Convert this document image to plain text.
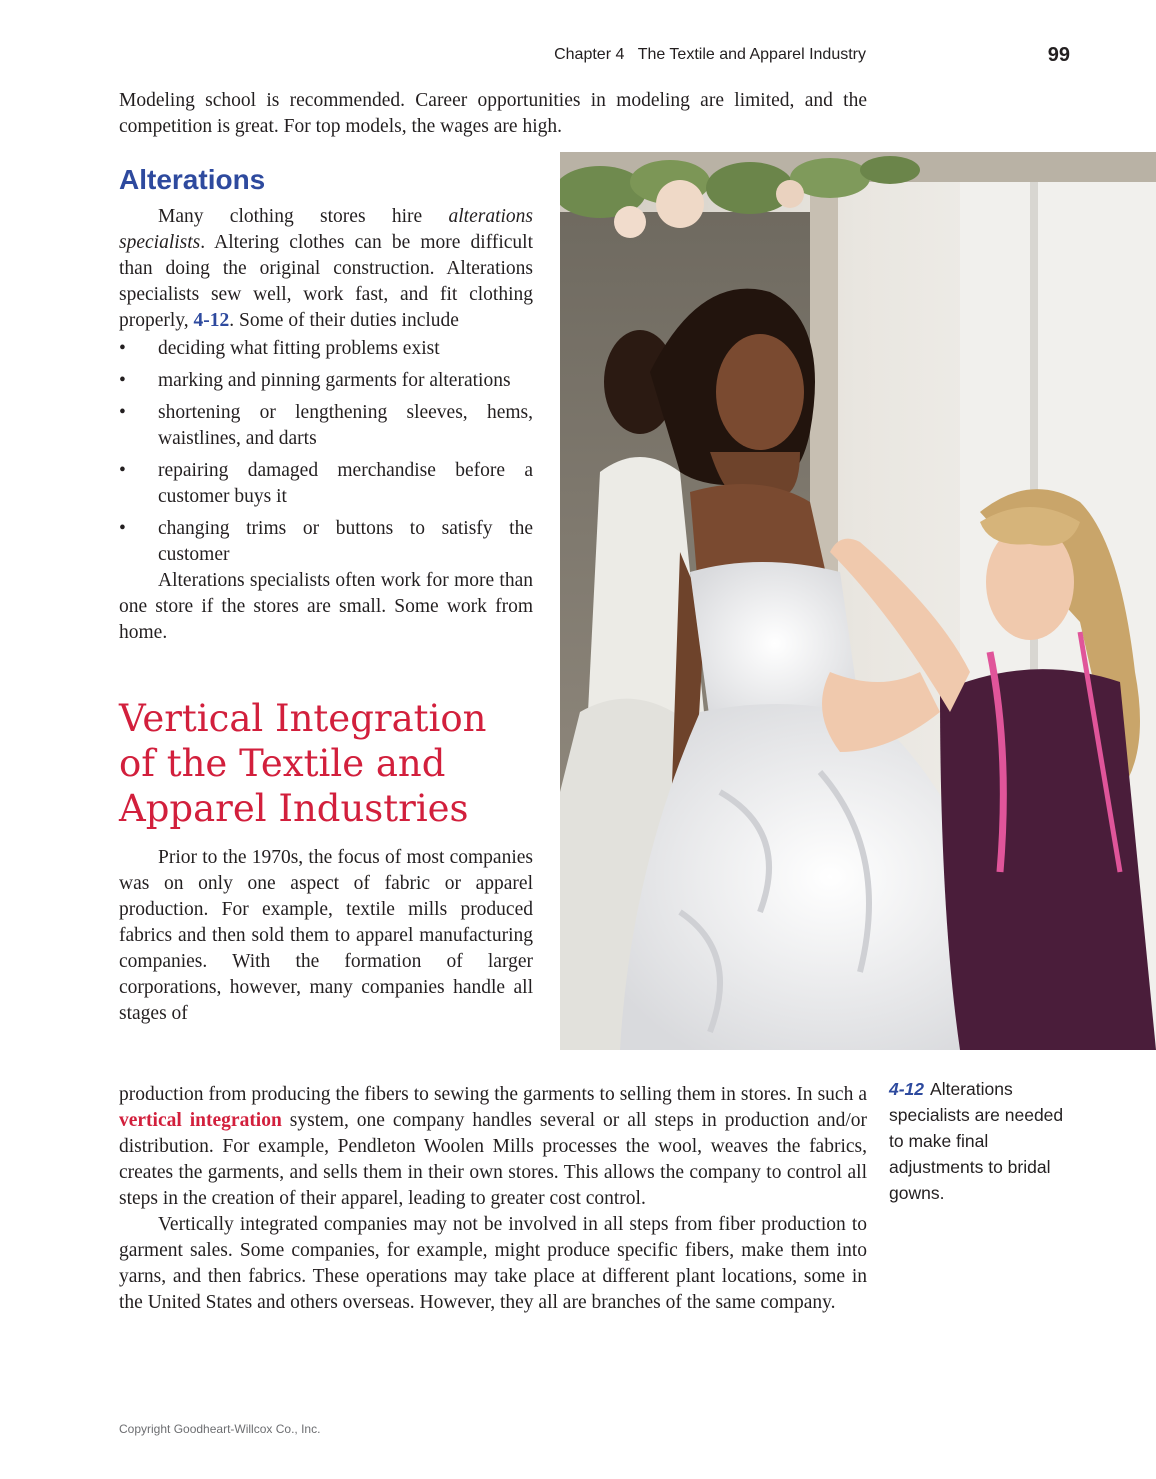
Chapter 4 The Textile and Apparel Industry	99

Modeling school is recommended. Career opportunities in modeling are limited, and the competition is great. For top models, the wages are high.

Alterations

Many clothing stores hire alterations specialists. Altering clothes can be more difficult than doing the original construction. Alterations specialists sew well, work fast, and fit clothing properly, 4-12. Some of their duties include

• deciding what fitting problems exist
• marking and pinning garments for alterations
• shortening or lengthening sleeves, hems, waistlines, and darts
• repairing damaged merchandise before a customer buys it
• changing trims or buttons to satisfy the customer

Alterations specialists often work for more than one store if the stores are small. Some work from home.

Vertical Integration of the Textile and Apparel Industries

Prior to the 1970s, the focus of most companies was on only one aspect of fabric or apparel production. For example, textile mills produced fabrics and then sold them to apparel manufacturing companies. With the formation of larger corporations, however, many companies handle all stages of

4-12 Alterations specialists are needed to make final adjustments to bridal gowns.

production from producing the fibers to sewing the garments to selling them in stores. In such a vertical integration system, one company handles several or all steps in production and/or distribution. For example, Pendleton Woolen Mills processes the wool, weaves the fabrics, creates the garments, and sells them in their own stores. This allows the company to control all steps in the creation of their apparel, leading to greater cost control.

Vertically integrated companies may not be involved in all steps from fiber production to garment sales. Some companies, for example, might produce specific fibers, make them into yarns, and then fabrics. These operations may take place at different plant locations, some in the United States and others overseas. However, they all are branches of the same company.

Copyright Goodheart-Willcox Co., Inc.
